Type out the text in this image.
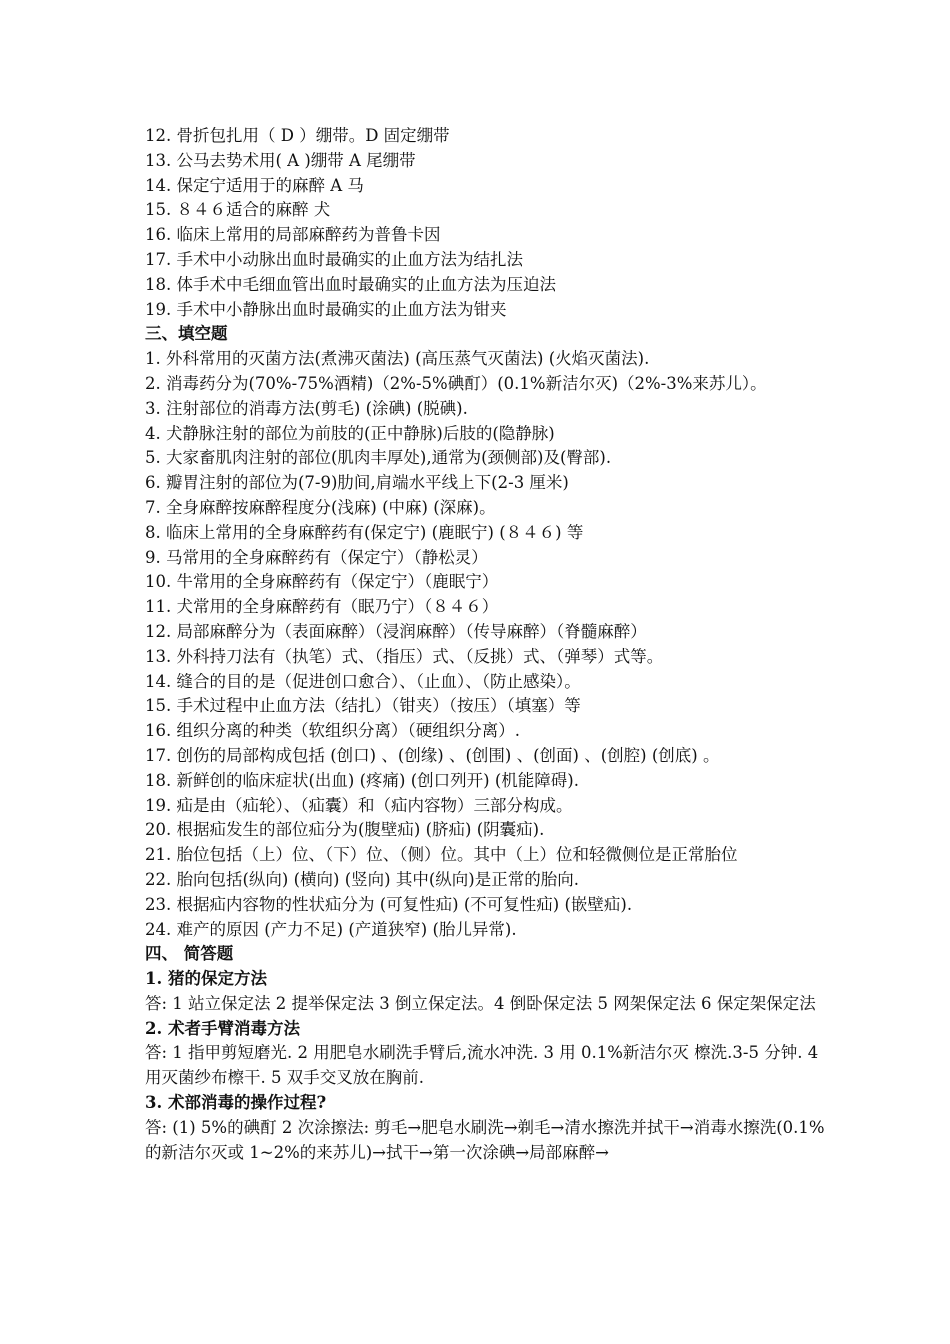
12. 骨折包扎用（ D ）绷带。D 固定绷带
13. 公马去势术用( A )绷带 A 尾绷带
14. 保定宁适用于的麻醉 A 马
15. ８４６适合的麻醉 犬
16. 临床上常用的局部麻醉药为普鲁卡因
17. 手术中小动脉出血时最确实的止血方法为结扎法
18. 体手术中毛细血管出血时最确实的止血方法为压迫法
19. 手术中小静脉出血时最确实的止血方法为钳夹
三、填空题
1. 外科常用的灭菌方法(煮沸灭菌法) (高压蒸气灭菌法) (火焰灭菌法).
2. 消毒药分为(70%-75%酒精)（2%-5%碘酊）(0.1%新洁尔灭)（2%-3%来苏儿）。
3. 注射部位的消毒方法(剪毛) (涂碘) (脱碘).
4. 犬静脉注射的部位为前肢的(正中静脉)后肢的(隐静脉)
5. 大家畜肌肉注射的部位(肌肉丰厚处),通常为(颈侧部)及(臀部).
6. 瓣胃注射的部位为(7-9)肋间,肩端水平线上下(2-3 厘米)
7. 全身麻醉按麻醉程度分(浅麻) (中麻) (深麻)。
8. 临床上常用的全身麻醉药有(保定宁) (鹿眠宁) (８４６) 等
9. 马常用的全身麻醉药有（保定宁）（静松灵）
10. 牛常用的全身麻醉药有（保定宁）（鹿眠宁）
11. 犬常用的全身麻醉药有（眠乃宁）（８４６）
12. 局部麻醉分为（表面麻醉）（浸润麻醉）（传导麻醉）（脊髓麻醉）
13. 外科持刀法有（执笔）式、（指压）式、（反挑）式、（弹琴）式等。
14. 缝合的目的是（促进创口愈合）、（止血）、（防止感染）。
15. 手术过程中止血方法（结扎）（钳夹）（按压）（填塞）等
16. 组织分离的种类（软组织分离）（硬组织分离）.
17. 创伤的局部构成包括 (创口) 、(创缘) 、(创围) 、(创面) 、(创腔) (创底) 。
18. 新鲜创的临床症状(出血) (疼痛) (创口列开) (机能障碍).
19. 疝是由（疝轮）、（疝囊）和（疝内容物）三部分构成。
20. 根据疝发生的部位疝分为(腹壁疝) (脐疝) (阴囊疝).
21. 胎位包括（上）位、（下）位、（侧）位。其中（上）位和轻微侧位是正常胎位
22. 胎向包括(纵向) (横向) (竖向) 其中(纵向)是正常的胎向.
23. 根据疝内容物的性状疝分为 (可复性疝) (不可复性疝) (嵌壁疝).
24. 难产的原因 (产力不足) (产道狭窄) (胎儿异常).
四、 简答题
1. 猪的保定方法
答: 1 站立保定法 2 提举保定法 3 倒立保定法。4 倒卧保定法 5 网架保定法 6 保定架保定法
2. 术者手臂消毒方法
答: 1 指甲剪短磨光. 2 用肥皂水刷洗手臂后,流水冲洗. 3 用 0.1%新洁尔灭 檫洗.3-5 分钟. 4 用灭菌纱布檫干. 5 双手交叉放在胸前.
3. 术部消毒的操作过程?
答: (1) 5%的碘酊 2 次涂擦法: 剪毛→肥皂水刷洗→剃毛→清水擦洗并拭干→消毒水擦洗(0.1%的新洁尔灭或 1~2%的来苏儿)→拭干→第一次涂碘→局部麻醉→
